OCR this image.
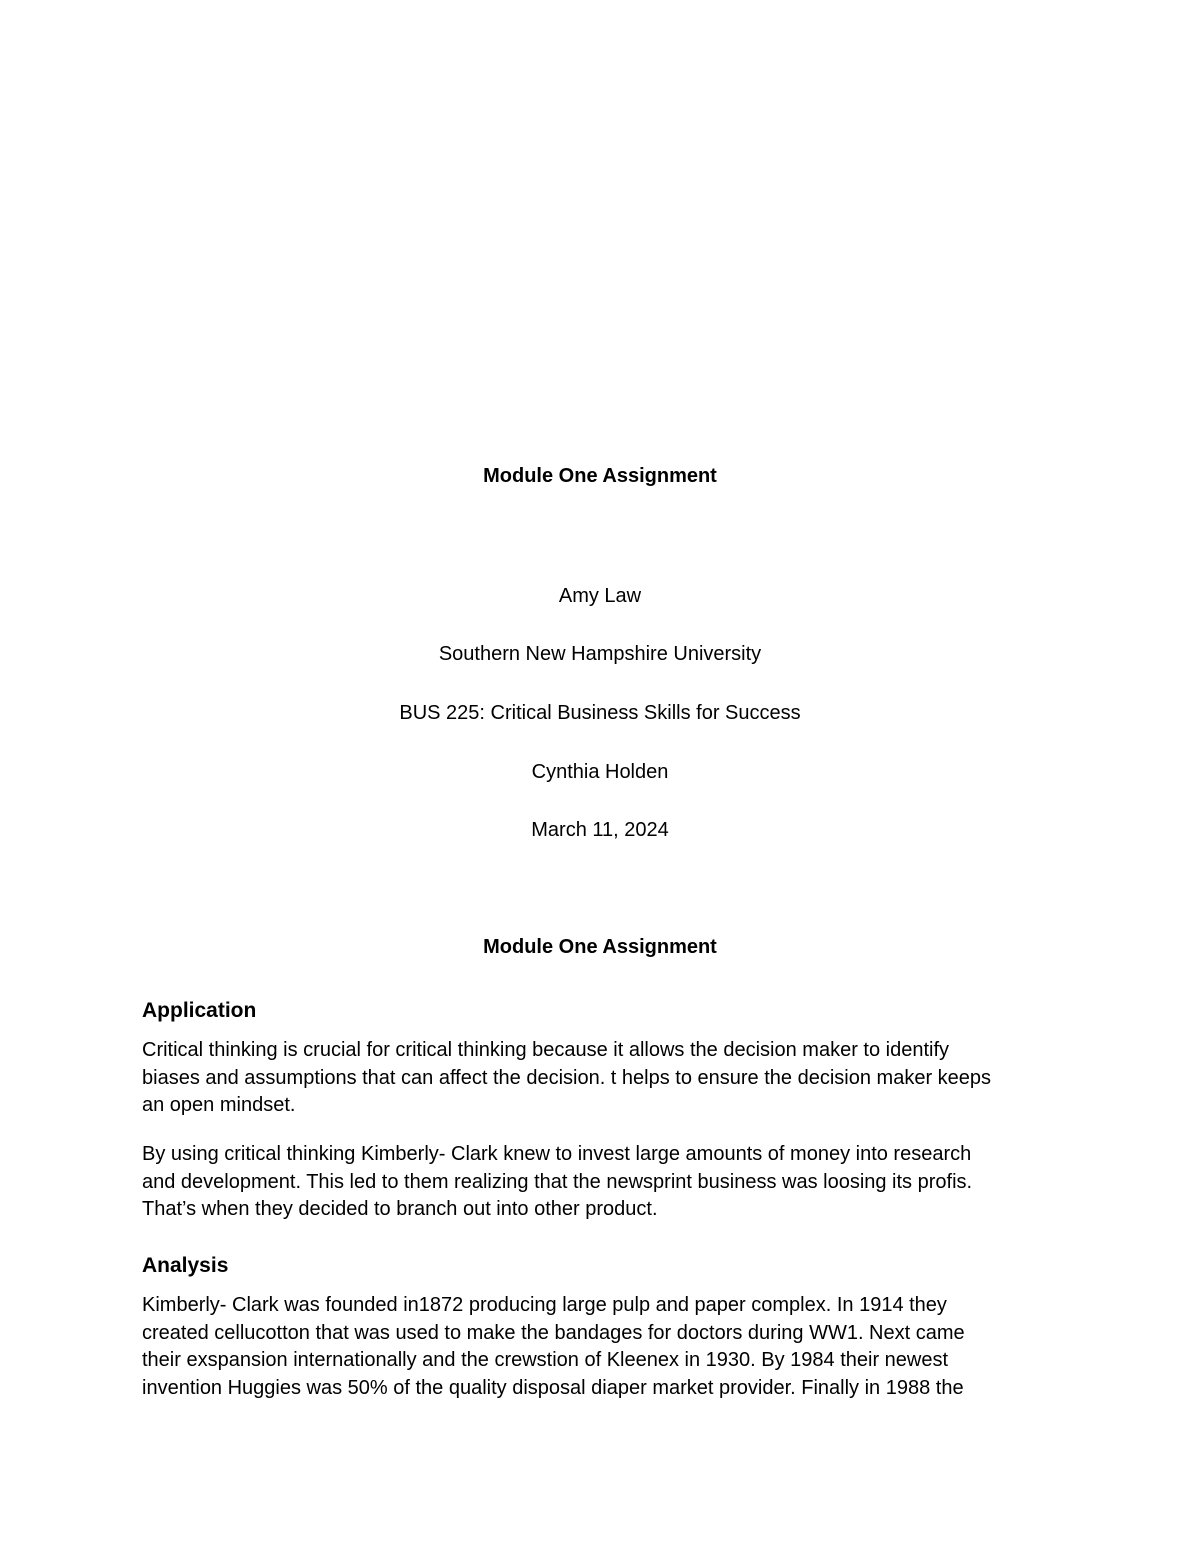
Module One Assignment
Amy Law
Southern New Hampshire University
BUS 225: Critical Business Skills for Success
Cynthia Holden
March 11, 2024
Module One Assignment
Application
Critical thinking is crucial for critical thinking because it allows the decision maker to identify
biases and assumptions that can affect the decision. t helps to ensure the decision maker keeps
an open mindset.
By using critical thinking Kimberly- Clark knew to invest large amounts of money into research
and development. This led to them realizing that the newsprint business was loosing its profis.
That’s when they decided to branch out into other product.
Analysis
Kimberly- Clark was founded in1872 producing large pulp and paper complex. In 1914 they
created cellucotton that was used to make the bandages for doctors during WW1. Next came
their exspansion internationally and the crewstion of Kleenex in 1930. By 1984 their newest
invention Huggies was 50% of the quality disposal diaper market provider. Finally in 1988 the
